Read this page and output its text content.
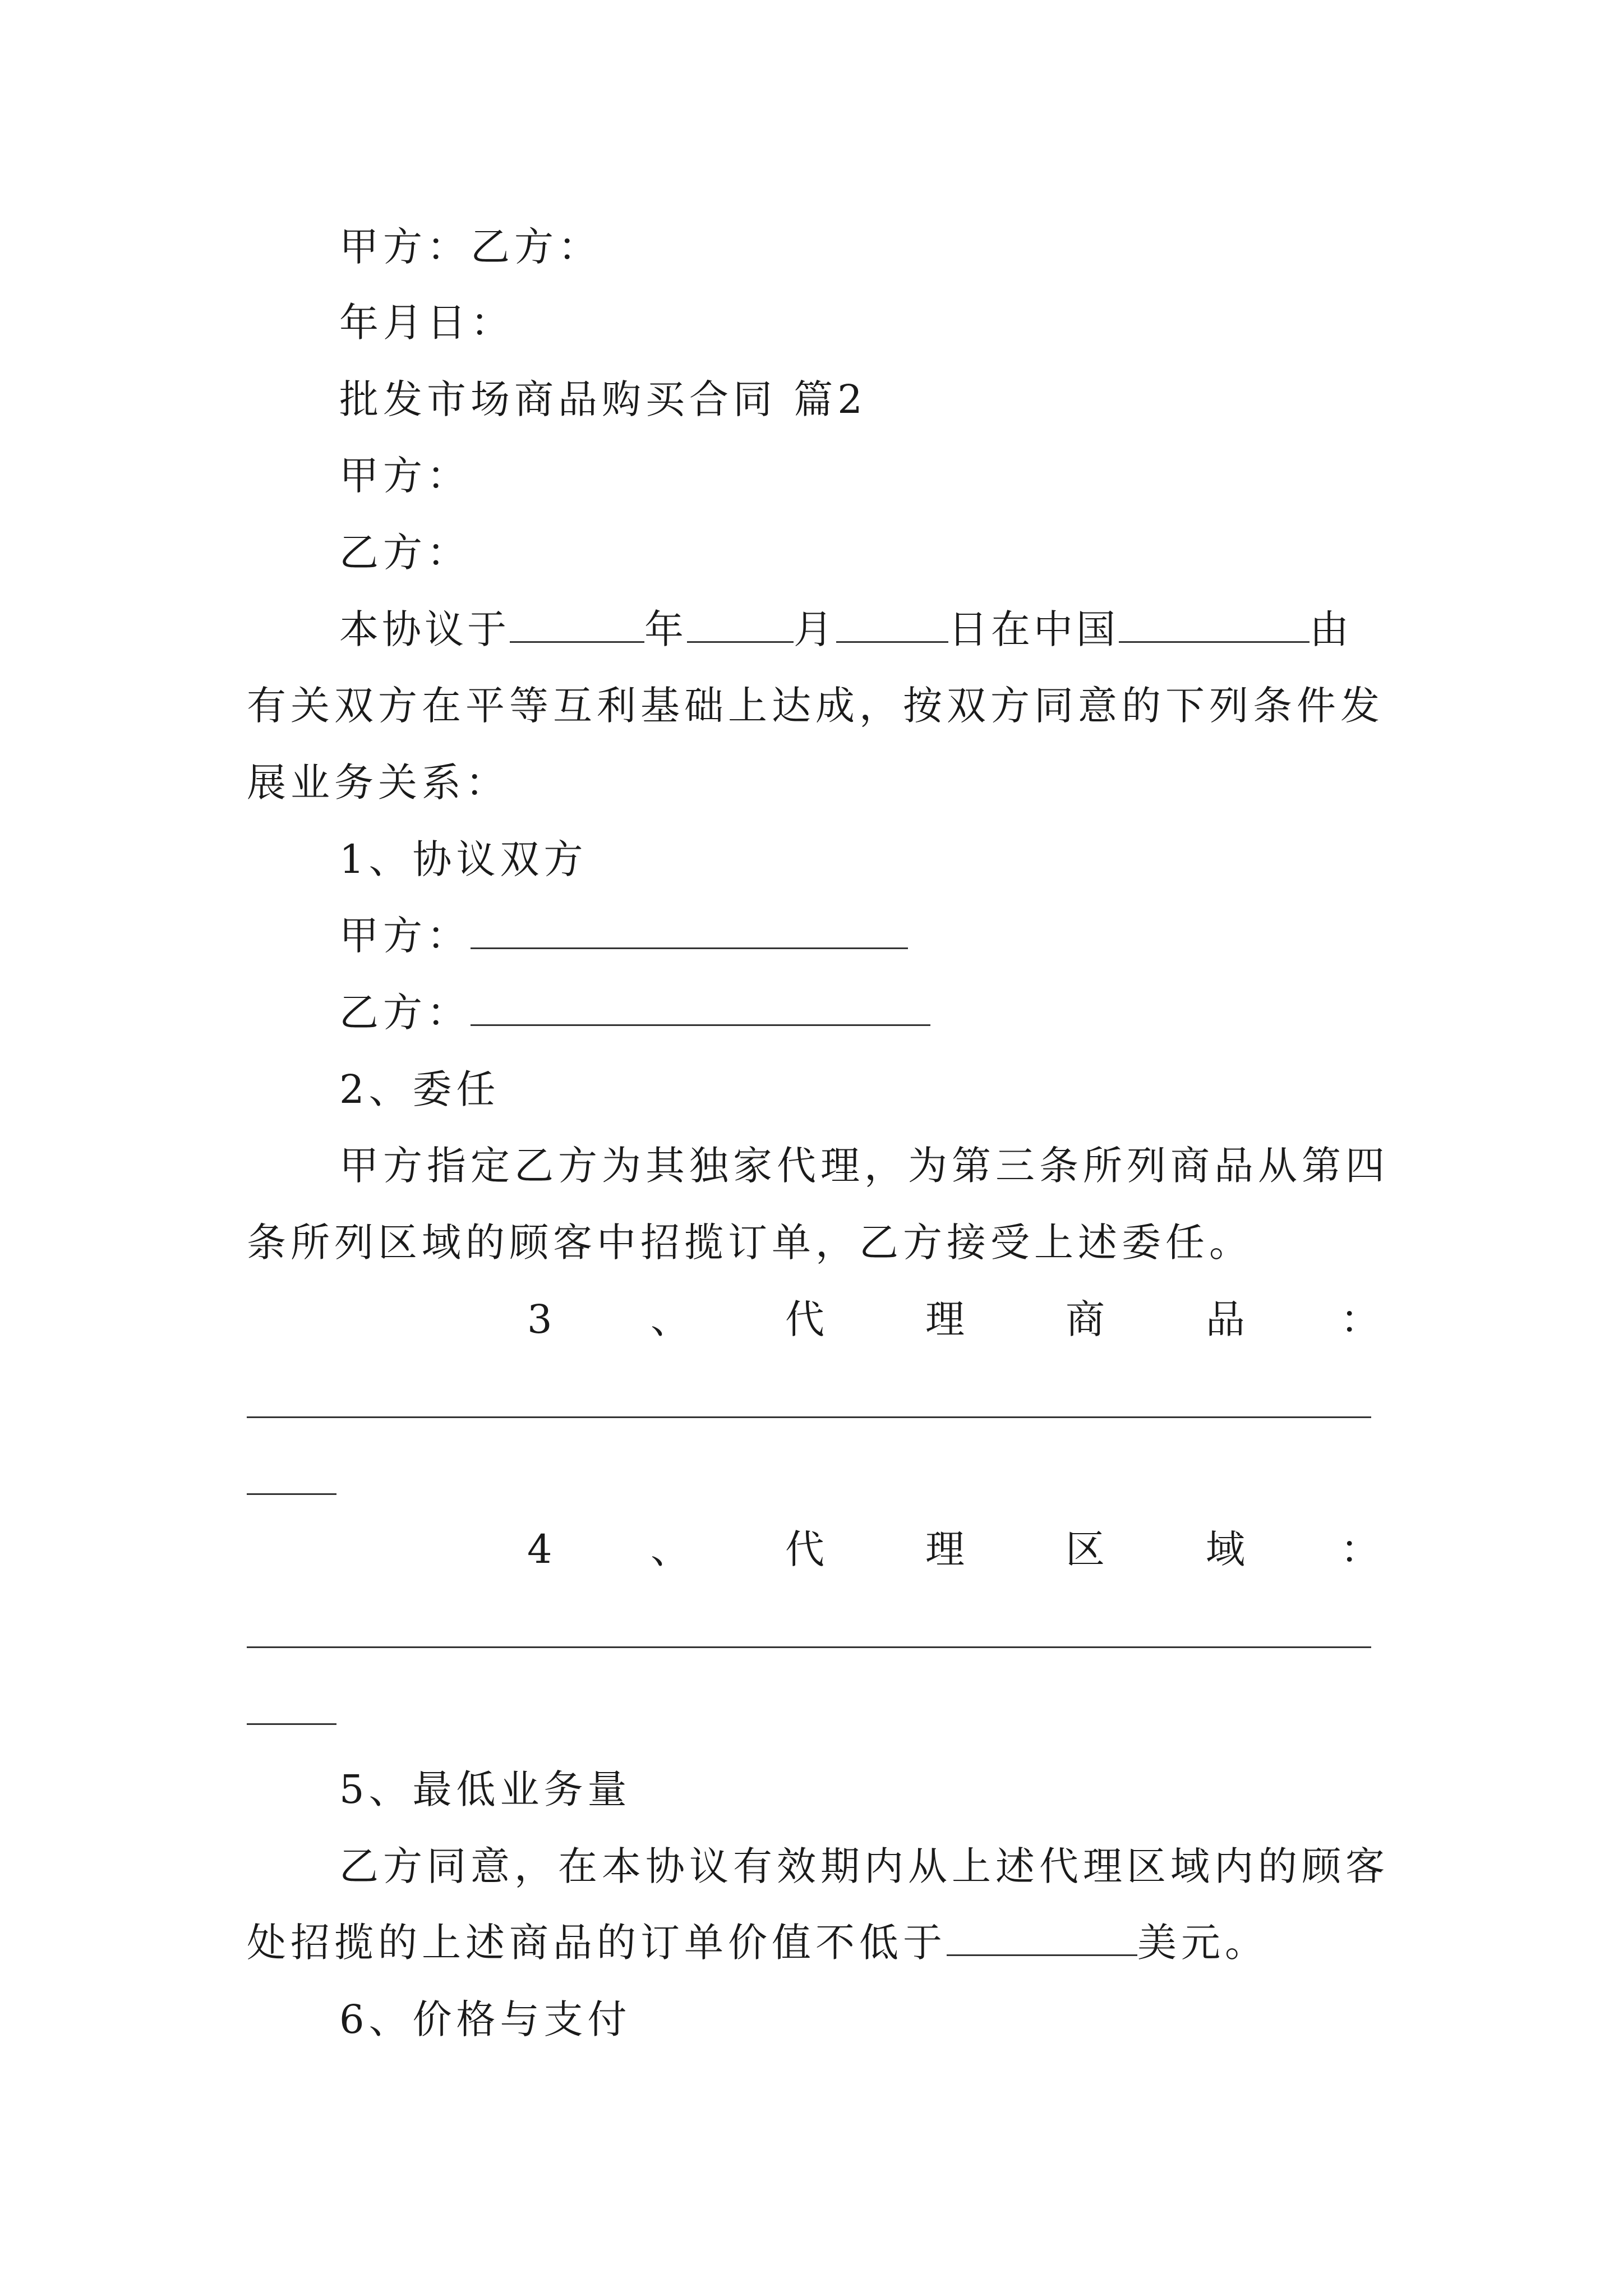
甲方：乙方：
年月日：
批发市场商品购买合同 篇2
甲方：
乙方：
本协议于	年	月	日在中国	由
有关双方在平等互利基础上达成，按双方同意的下列条件发
展业务关系：
1、协议双方
甲方：
乙方：
2、委任
甲方指定乙方为其独家代理，为第三条所列商品从第四
条所列区域的顾客中招揽订单，乙方接受上述委任。
3	、 代	理	商	品 ：
4	、 代	理	区	域 ：
5、最低业务量
乙方同意，在本协议有效期内从上述代理区域内的顾客
处招揽的上述商品的订单价值不低于	美元。
6、价格与支付
